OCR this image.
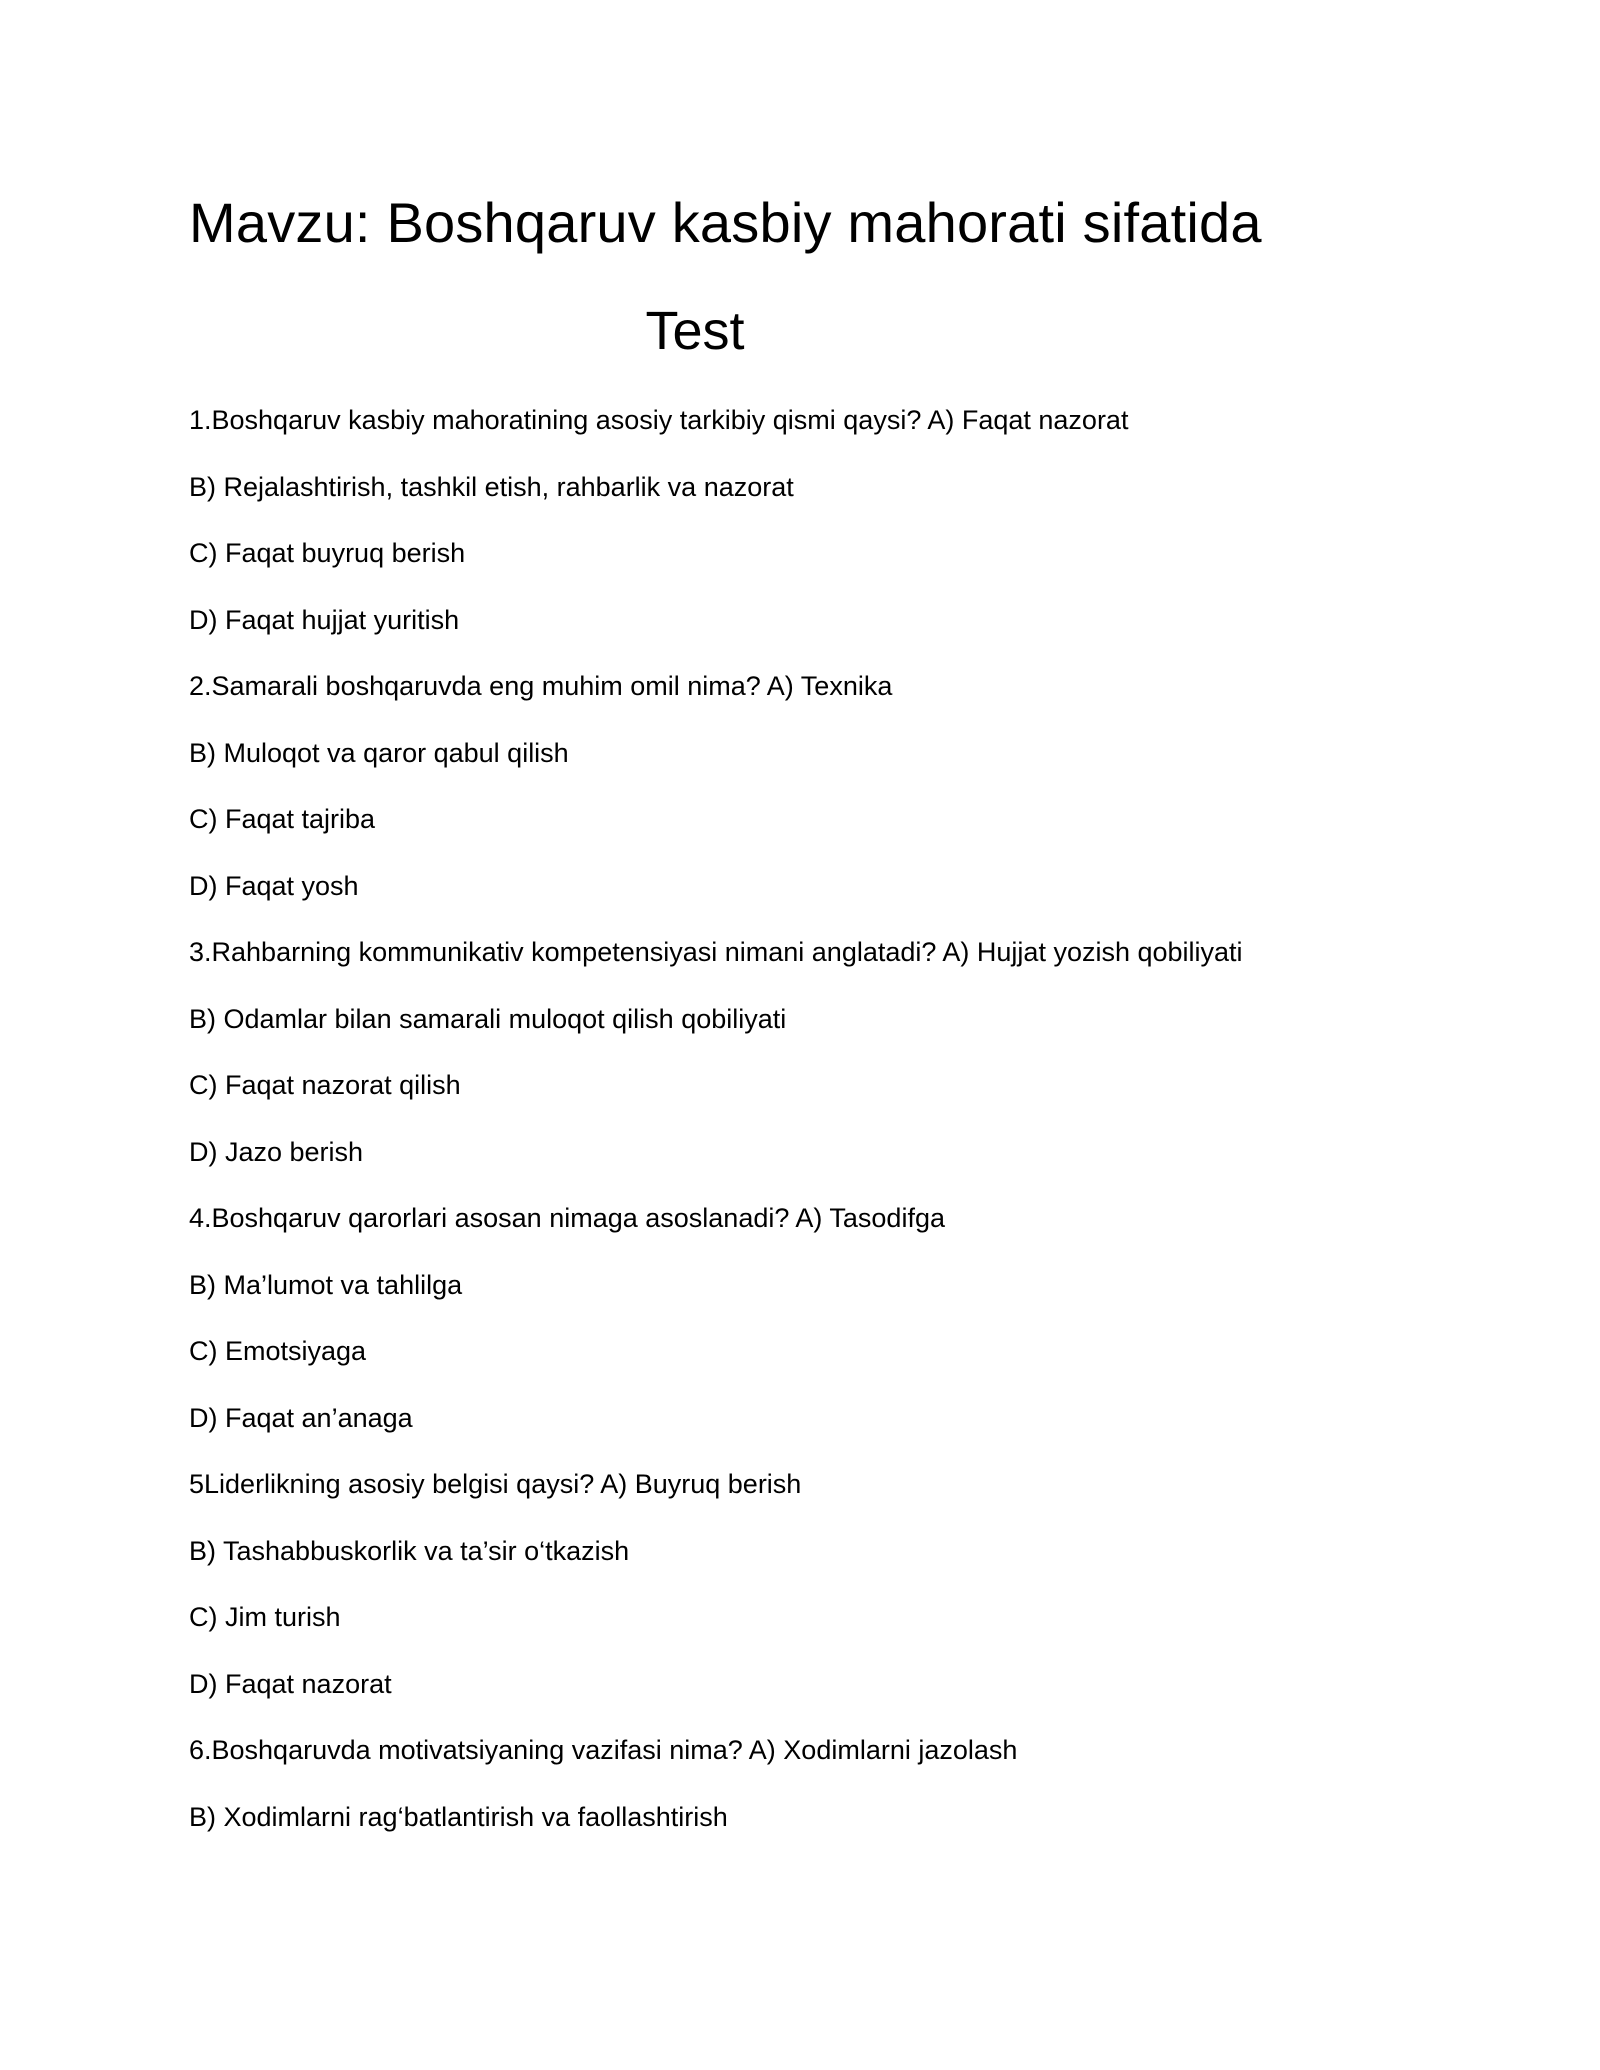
Mavzu: Boshqaruv kasbiy mahorati sifatida
Test
1.Boshqaruv kasbiy mahoratining asosiy tarkibiy qismi qaysi? A) Faqat nazorat
B) Rejalashtirish, tashkil etish, rahbarlik va nazorat
C) Faqat buyruq berish
D) Faqat hujjat yuritish
2.Samarali boshqaruvda eng muhim omil nima? A) Texnika
B) Muloqot va qaror qabul qilish
C) Faqat tajriba
D) Faqat yosh
3.Rahbarning kommunikativ kompetensiyasi nimani anglatadi? A) Hujjat yozish qobiliyati
B) Odamlar bilan samarali muloqot qilish qobiliyati
C) Faqat nazorat qilish
D) Jazo berish
4.Boshqaruv qarorlari asosan nimaga asoslanadi? A) Tasodifga
B) Ma’lumot va tahlilga
C) Emotsiyaga
D) Faqat an’anaga
5Liderlikning asosiy belgisi qaysi? A) Buyruq berish
B) Tashabbuskorlik va ta’sir o‘tkazish
C) Jim turish
D) Faqat nazorat
6.Boshqaruvda motivatsiyaning vazifasi nima? A) Xodimlarni jazolash
B) Xodimlarni rag‘batlantirish va faollashtirish
